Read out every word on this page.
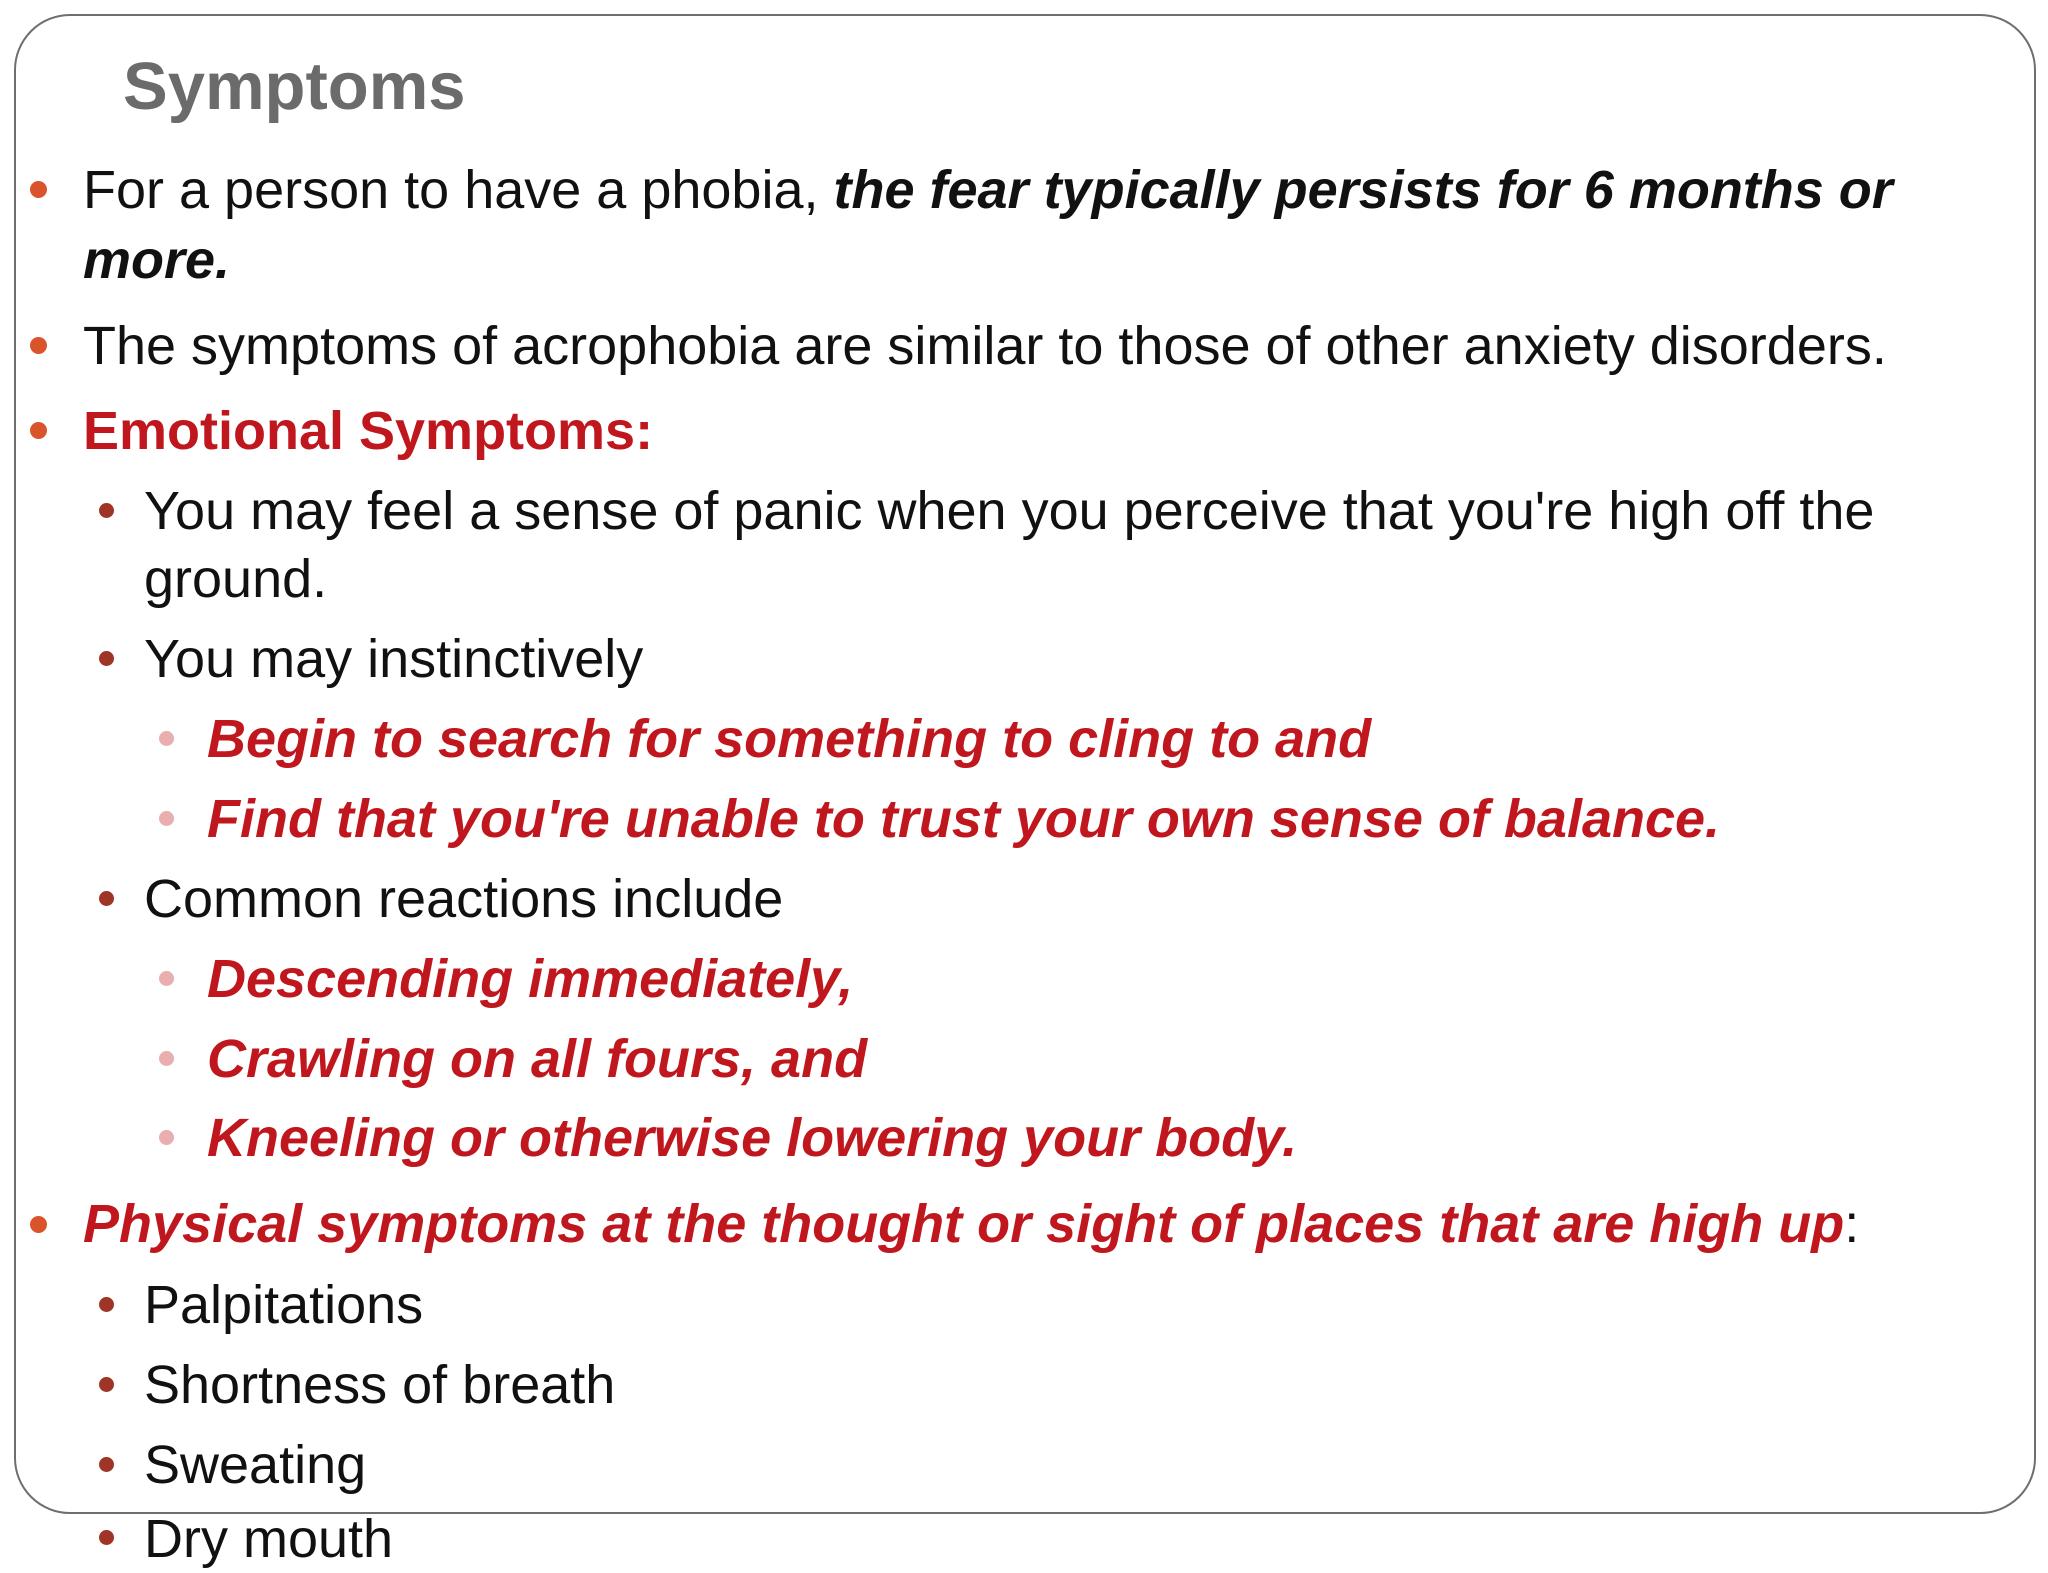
Symptoms
For a person to have a phobia, the fear typically persists for 6 months or
more.
The symptoms of acrophobia are similar to those of other anxiety disorders.
Emotional Symptoms:
You may feel a sense of panic when you perceive that you're high off the
ground.
You may instinctively
Begin to search for something to cling to and
Find that you're unable to trust your own sense of balance.
Common reactions include
Descending immediately,
Crawling on all fours, and
Kneeling or otherwise lowering your body.
Physical symptoms at the thought or sight of places that are high up:
Palpitations
Shortness of breath
Sweating
Dry mouth
